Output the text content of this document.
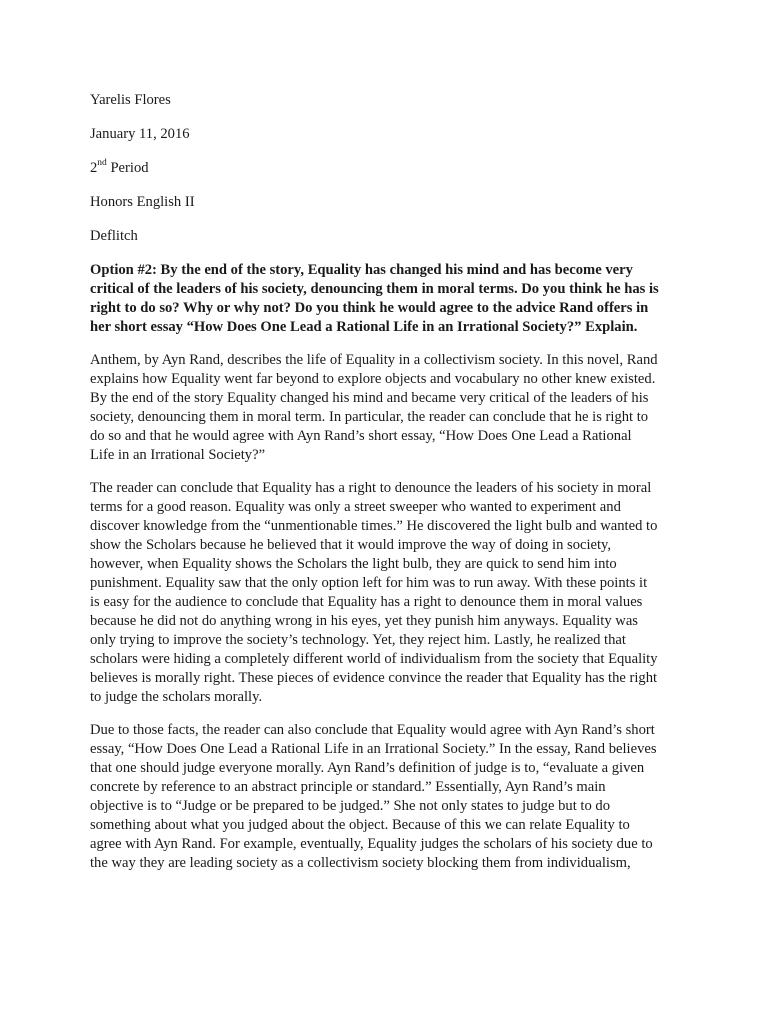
Yarelis Flores
January 11, 2016
2nd Period
Honors English II
Deflitch
Option #2: By the end of the story, Equality has changed his mind and has become very
critical of the leaders of his society, denouncing them in moral terms. Do you think he has is
right to do so? Why or why not? Do you think he would agree to the advice Rand offers in
her short essay “How Does One Lead a Rational Life in an Irrational Society?” Explain.
Anthem, by Ayn Rand, describes the life of Equality in a collectivism society. In this novel, Rand
explains how Equality went far beyond to explore objects and vocabulary no other knew existed.
By the end of the story Equality changed his mind and became very critical of the leaders of his
society, denouncing them in moral term. In particular, the reader can conclude that he is right to
do so and that he would agree with Ayn Rand’s short essay, “How Does One Lead a Rational
Life in an Irrational Society?”
The reader can conclude that Equality has a right to denounce the leaders of his society in moral
terms for a good reason. Equality was only a street sweeper who wanted to experiment and
discover knowledge from the “unmentionable times.” He discovered the light bulb and wanted to
show the Scholars because he believed that it would improve the way of doing in society,
however, when Equality shows the Scholars the light bulb, they are quick to send him into
punishment. Equality saw that the only option left for him was to run away. With these points it
is easy for the audience to conclude that Equality has a right to denounce them in moral values
because he did not do anything wrong in his eyes, yet they punish him anyways. Equality was
only trying to improve the society’s technology. Yet, they reject him. Lastly, he realized that
scholars were hiding a completely different world of individualism from the society that Equality
believes is morally right. These pieces of evidence convince the reader that Equality has the right
to judge the scholars morally.
Due to those facts, the reader can also conclude that Equality would agree with Ayn Rand’s short
essay, “How Does One Lead a Rational Life in an Irrational Society.” In the essay, Rand believes
that one should judge everyone morally. Ayn Rand’s definition of judge is to, “evaluate a given
concrete by reference to an abstract principle or standard.” Essentially, Ayn Rand’s main
objective is to “Judge or be prepared to be judged.” She not only states to judge but to do
something about what you judged about the object. Because of this we can relate Equality to
agree with Ayn Rand. For example, eventually, Equality judges the scholars of his society due to
the way they are leading society as a collectivism society blocking them from individualism,
